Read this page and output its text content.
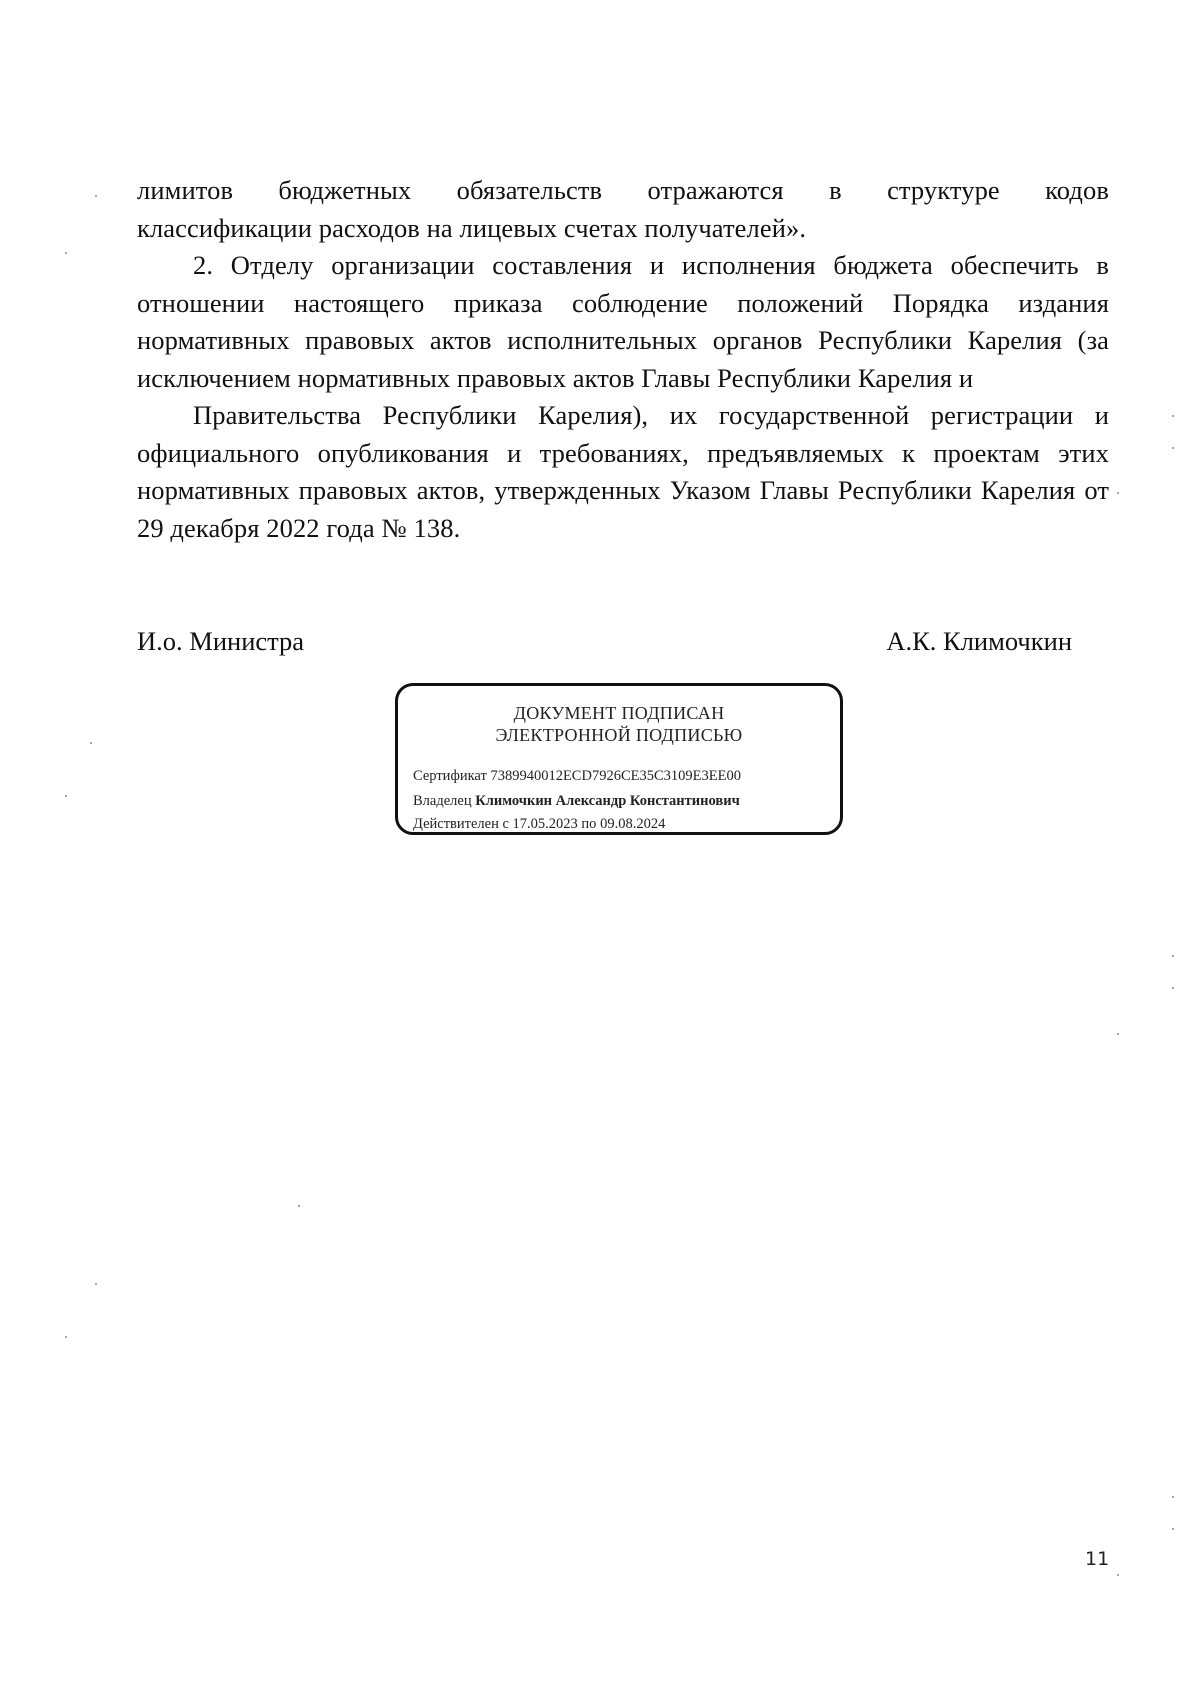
лимитов бюджетных обязательств отражаются в структуре кодов

классификации расходов на лицевых счетах получателей».

2. Отделу организации составления и исполнения бюджета обеспечить в отношении настоящего приказа соблюдение положений Порядка издания нормативных правовых актов исполнительных органов Республики Карелия (за исключением нормативных правовых актов Главы Республики Карелия и

Правительства Республики Карелия), их государственной регистрации и официального опубликования и требованиях, предъявляемых к проектам этих нормативных правовых актов, утвержденных Указом Главы Республики Карелия от 29 декабря 2022 года № 138.

И.о. Министра	А.К. Климочкин
ДОКУМЕНТ ПОДПИСАН
ЭЛЕКТРОННОЙ ПОДПИСЬЮ
Сертификат 7389940012ECD7926CE35C3109E3EE00
Владелец Климочкин Александр Константинович
Действителен с 17.05.2023 по 09.08.2024
11
